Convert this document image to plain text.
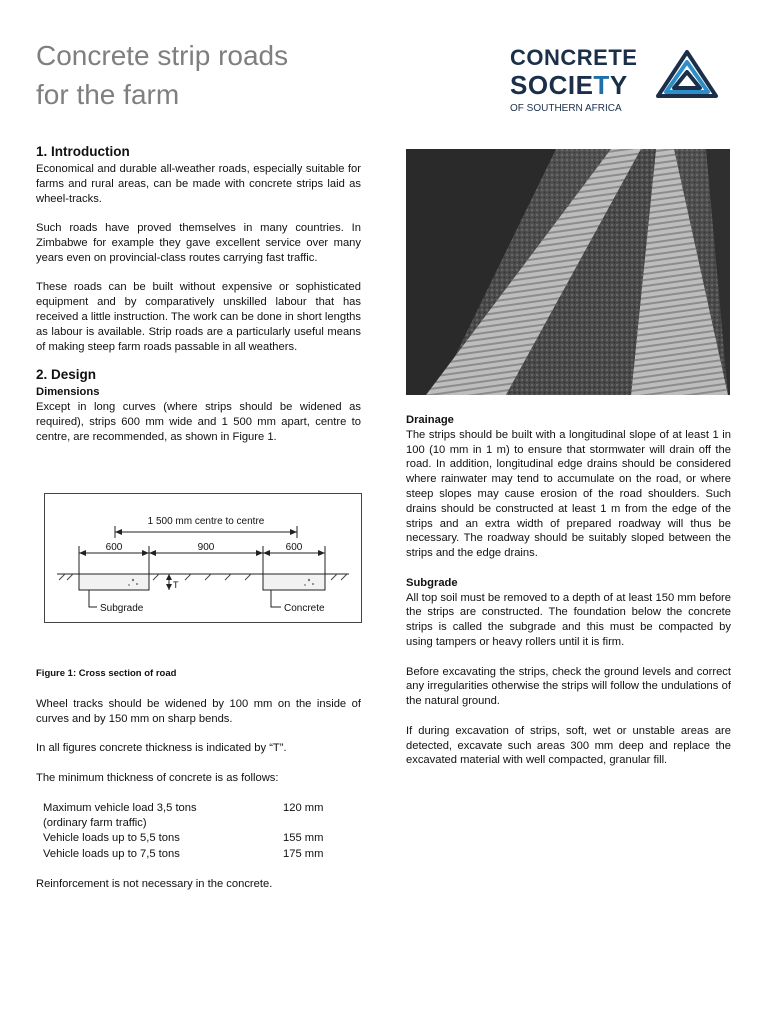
Concrete strip roads
for the farm
CONCRETE
SOCIETY
OF SOUTHERN AFRICA
1. Introduction

Economical and durable all-weather roads, especially suitable for farms and rural areas, can be made with concrete strips laid as wheel-tracks.

Such roads have proved themselves in many countries. In Zimbabwe for example they gave excellent service over many years even on provincial-class routes carrying fast traffic.

These roads can be built without expensive or sophisticated equipment and by comparatively unskilled labour that has received a little instruction. The work can be done in short lengths as labour is available. Strip roads are a particularly useful means of making steep farm roads passable in all weathers.

2. Design
Dimensions

Except in long curves (where strips should be widened as required), strips 600 mm wide and 1 500 mm apart, centre to centre, are recommended, as shown in Figure 1.

1 500 mm centre to centre
600	900	600
T
Subgrade	Concrete
Figure 1: Cross section of road

Wheel tracks should be widened by 100 mm on the inside of curves and by 150 mm on sharp bends.

In all figures concrete thickness is indicated by “T”.

The minimum thickness of concrete is as follows:

Maximum vehicle load 3,5 tons	120 mm
(ordinary farm traffic)	
Vehicle loads up to 5,5 tons	155 mm
Vehicle loads up to 7,5 tons	175 mm

Reinforcement is not necessary in the concrete.

Drainage

The strips should be built with a longitudinal slope of at least 1 in 100 (10 mm in 1 m) to ensure that stormwater will drain off the road. In addition, longitudinal edge drains should be considered where rainwater may tend to accumulate on the road, or where steep slopes may cause erosion of the road shoulders. Such drains should be constructed at least 1 m from the edge of the strips and an extra width of prepared roadway will thus be necessary. The roadway should be suitably sloped between the strips and the edge drains.

Subgrade

All top soil must be removed to a depth of at least 150 mm before the strips are constructed. The foundation below the concrete strips is called the subgrade and this must be compacted by using tampers or heavy rollers until it is firm.

Before excavating the strips, check the ground levels and correct any irregularities otherwise the strips will follow the undulations of the natural ground.

If during excavation of strips, soft, wet or unstable areas are detected, excavate such areas 300 mm deep and replace the excavated material with well compacted, granular fill.
